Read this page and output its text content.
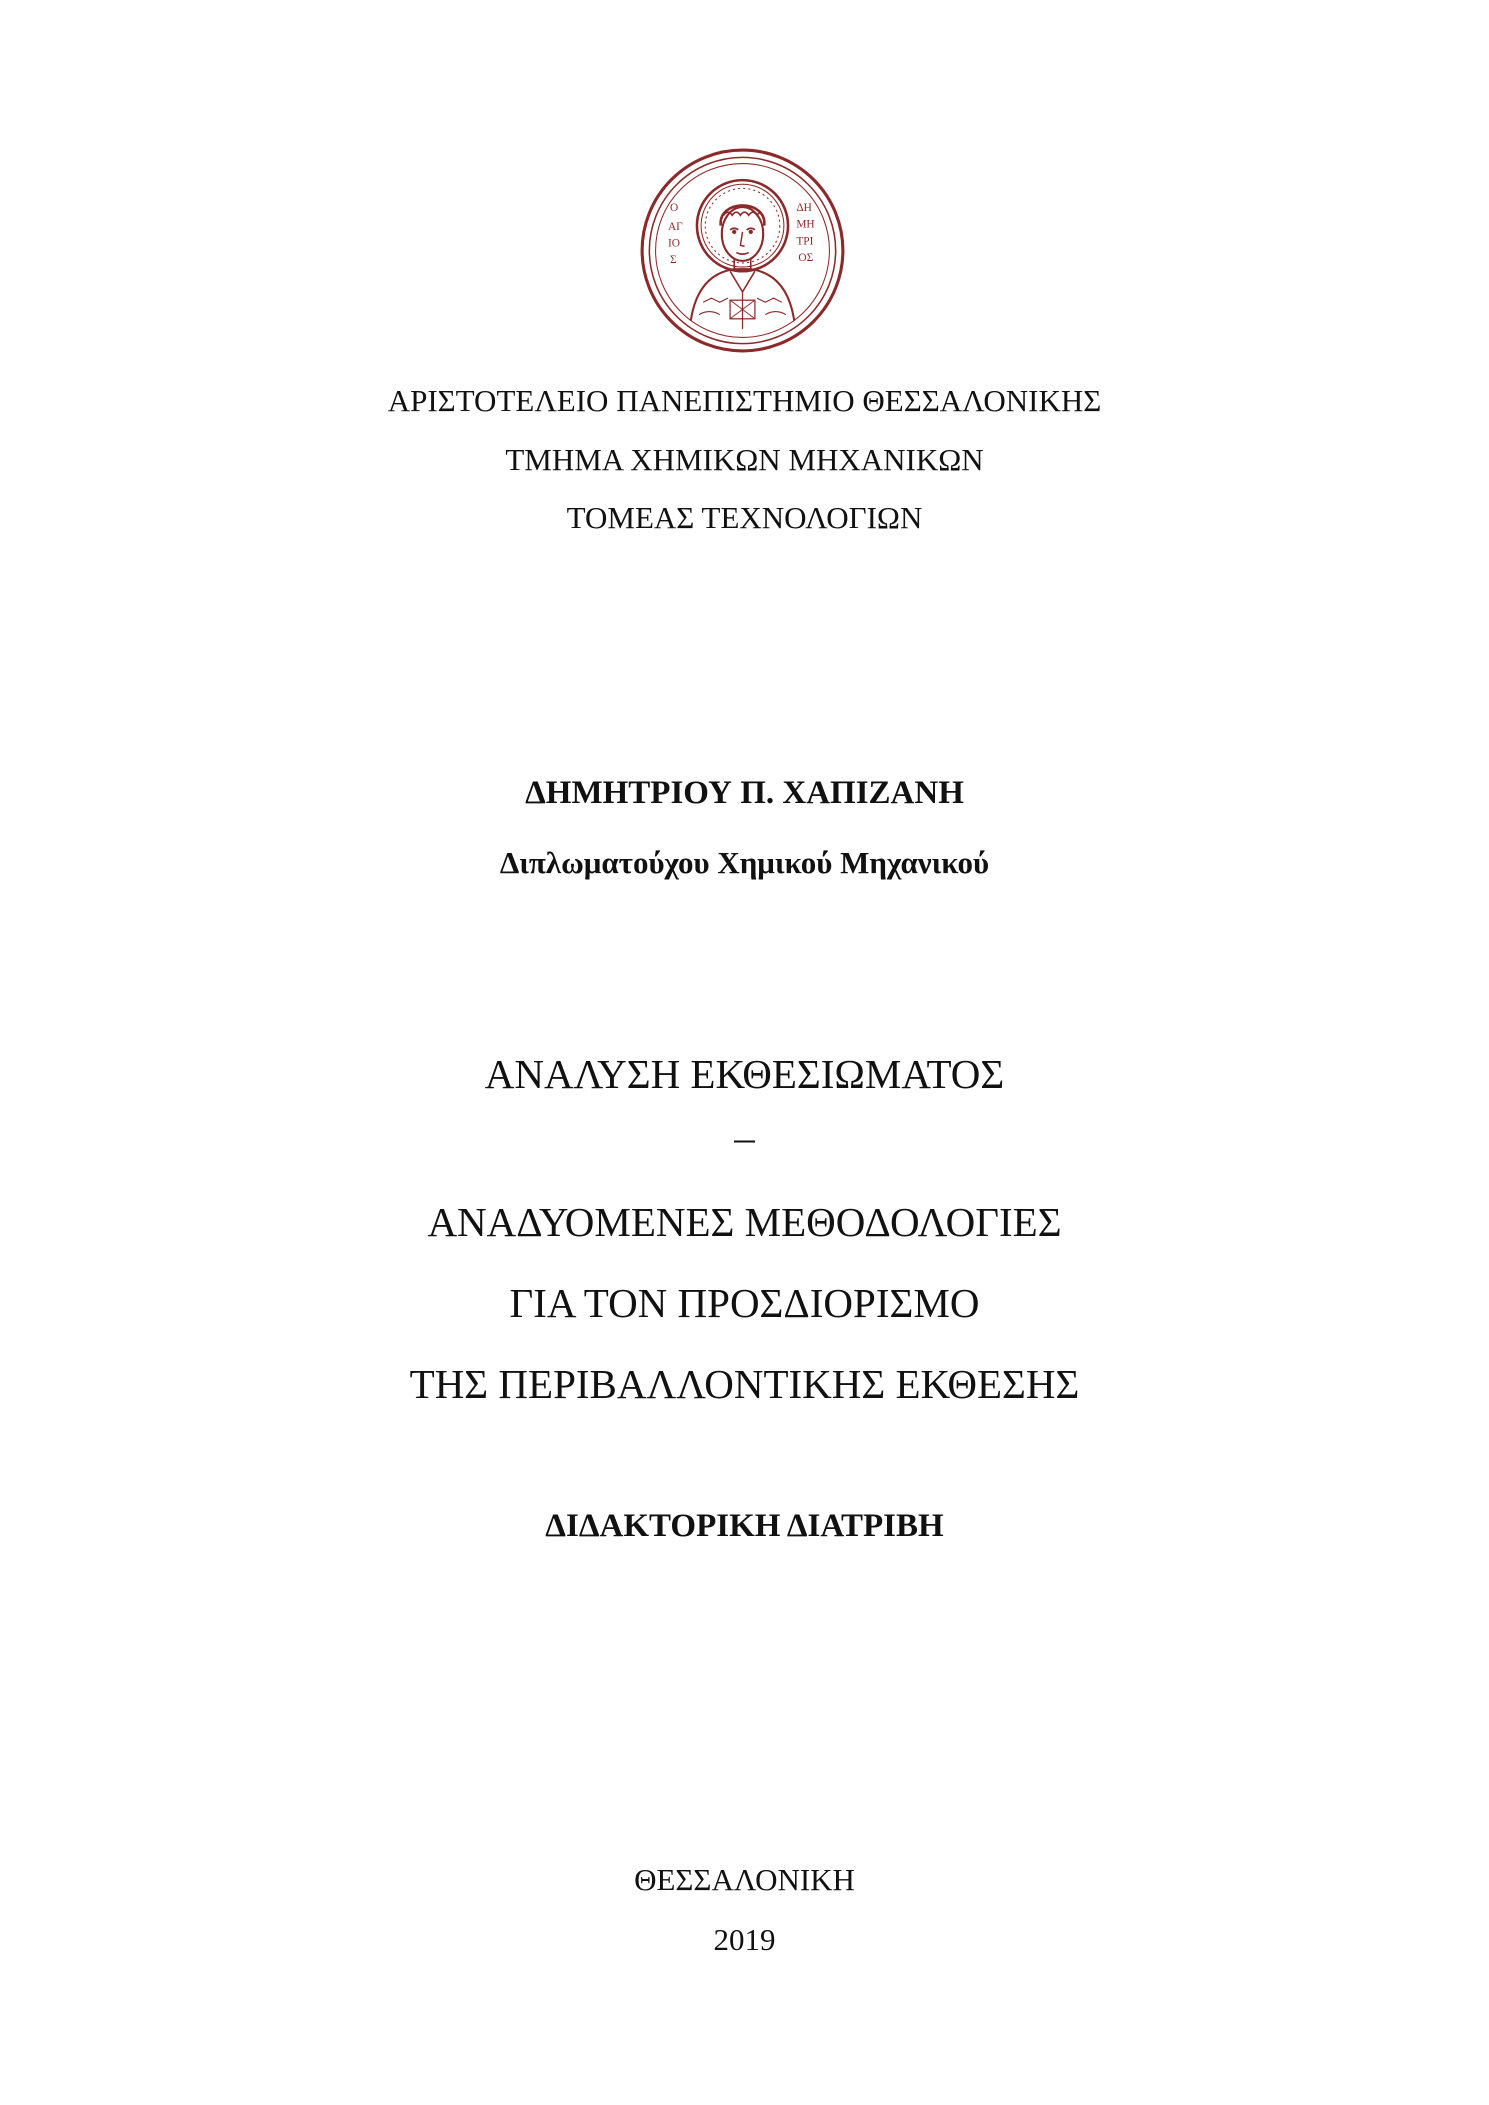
Ο
ΑΓ
ΙΟ
Σ
ΔΗ
ΜΗ
ΤΡΙ
ΟΣ
ΑΡΙΣΤΟΤΕΛΕΙΟ ΠΑΝΕΠΙΣΤΗΜΙΟ ΘΕΣΣΑΛΟΝΙΚΗΣ
ΤΜΗΜΑ ΧΗΜΙΚΩΝ ΜΗΧΑΝΙΚΩΝ
ΤΟΜΕΑΣ ΤΕΧΝΟΛΟΓΙΩΝ
ΔΗΜΗΤΡΙΟΥ Π. ΧΑΠΙΖΑΝΗ
Διπλωματούχου Χημικού Μηχανικού
ΑΝΑΛΥΣΗ ΕΚΘΕΣΙΩΜΑΤΟΣ
–
ΑΝΑΔΥΟΜΕΝΕΣ ΜΕΘΟΔΟΛΟΓΙΕΣ
ΓΙΑ ΤΟΝ ΠΡΟΣΔΙΟΡΙΣΜΟ
ΤΗΣ ΠΕΡΙΒΑΛΛΟΝΤΙΚΗΣ ΕΚΘΕΣΗΣ
ΔΙΔΑΚΤΟΡΙΚΗ ΔΙΑΤΡΙΒΗ
ΘΕΣΣΑΛΟΝΙΚΗ
2019
